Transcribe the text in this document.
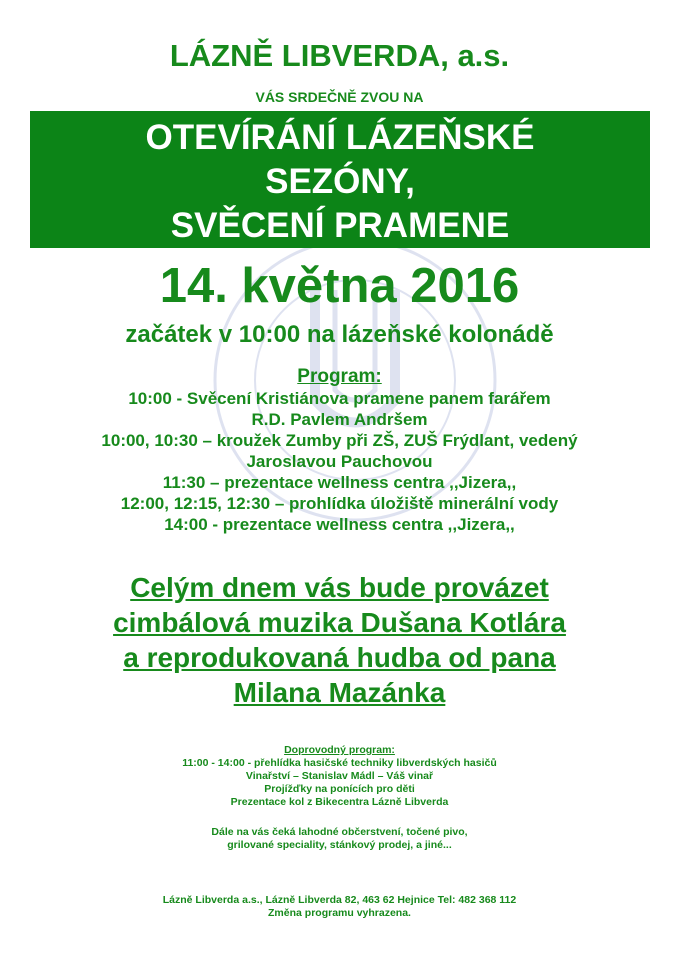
LÁZNĚ LIBVERDA, a.s.
VÁS SRDEČNĚ ZVOU NA
OTEVÍRÁNÍ LÁZEŇSKÉ
SEZÓNY,
SVĚCENÍ PRAMENE
14. května 2016
začátek v 10:00 na lázeňské kolonádě
Program:
10:00 - Svěcení Kristiánova pramene panem farářem
R.D. Pavlem Andršem
10:00, 10:30 – kroužek Zumby při ZŠ, ZUŠ Frýdlant, vedený
Jaroslavou Pauchovou
11:30 – prezentace wellness centra ,,Jizera,,
12:00, 12:15, 12:30 – prohlídka úložiště minerální vody
14:00 - prezentace wellness centra ,,Jizera,,
Celým dnem vás bude provázet
cimbálová muzika Dušana Kotlára
a reprodukovaná hudba od pana
Milana Mazánka
Doprovodný program:
11:00 - 14:00 - přehlídka hasičské techniky libverdských hasičů
Vinařství – Stanislav Mádl – Váš vinař
Projížďky na ponících pro děti
Prezentace kol z Bikecentra Lázně Libverda
Dále na vás čeká lahodné občerstvení, točené pivo,
grilované speciality, stánkový prodej, a jiné...
Lázně Libverda a.s., Lázně Libverda 82, 463 62 Hejnice Tel: 482 368 112
Změna programu vyhrazena.
